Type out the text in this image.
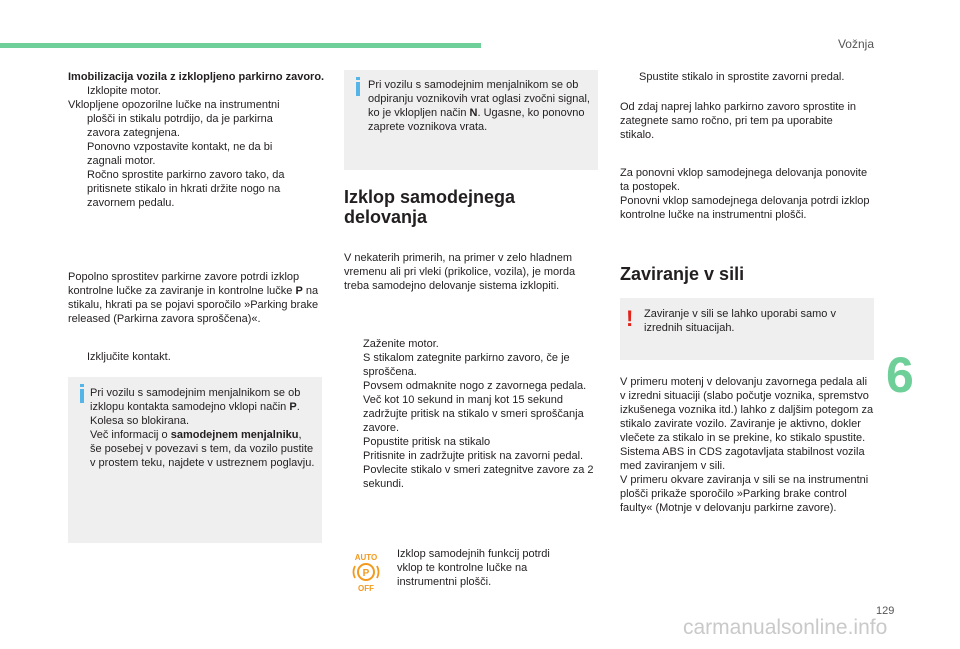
Vožnja

Imobilizacija vozila z izklopljeno parkirno zavoro.

Izklopite motor.

Vklopljene opozorilne lučke na instrumentni

plošči in stikalu potrdijo, da je parkirna

zavora zategnjena.

Ponovno vzpostavite kontakt, ne da bi

zagnali motor.

Ročno sprostite parkirno zavoro tako, da

pritisnete stikalo in hkrati držite nogo na

zavornem pedalu.

Popolno sprostitev parkirne zavore potrdi izklop kontrolne lučke za zaviranje in kontrolne lučke P na stikalu, hkrati pa se pojavi sporočilo »Parking brake released (Parkirna zavora sproščena)«.
Izključite kontakt.
Pri vozilu s samodejnim menjalnikom se ob izklopu kontakta samodejno vklopi način P. Kolesa so blokirana.
Več informacij o samodejnem menjalniku, še posebej v povezavi s tem, da vozilo pustite v prostem teku, najdete v ustreznem poglavju.
Pri vozilu s samodejnim menjalnikom se ob odpiranju voznikovih vrat oglasi zvočni signal, ko je vklopljen način N. Ugasne, ko ponovno zaprete voznikova vrata.
Izklop samodejnega delovanja
V nekaterih primerih, na primer v zelo hladnem vremenu ali pri vleki (prikolice, vozila), je morda treba samodejno delovanje sistema izklopiti.
Zaženite motor.
S stikalom zategnite parkirno zavoro, če je sproščena.
Povsem odmaknite nogo z zavornega pedala.
Več kot 10 sekund in manj kot 15 sekund zadržujte pritisk na stikalo v smeri sproščanja zavore.
Popustite pritisk na stikalo
Pritisnite in zadržujte pritisk na zavorni pedal.
Povlecite stikalo v smeri zategnitve zavore za 2 sekundi.
AUTO
P
OFF
Izklop samodejnih funkcij potrdi vklop te kontrolne lučke na instrumentni plošči.
Spustite stikalo in sprostite zavorni predal.
Od zdaj naprej lahko parkirno zavoro sprostite in zategnete samo ročno, pri tem pa uporabite stikalo.

Za ponovni vklop samodejnega delovanja ponovite ta postopek.

Ponovni vklop samodejnega delovanja potrdi izklop kontrolne lučke na instrumentni plošči.

Zaviranje v sili
! Zaviranje v sili se lahko uporabi samo v izrednih situacijah.

V primeru motenj v delovanju zavornega pedala ali v izredni situaciji (slabo počutje voznika, spremstvo izkušenega voznika itd.) lahko z daljšim potegom za stikalo zavirate vozilo. Zaviranje je aktivno, dokler vlečete za stikalo in se prekine, ko stikalo spustite.

Sistema ABS in CDS zagotavljata stabilnost vozila med zaviranjem v sili.

V primeru okvare zaviranja v sili se na instrumentni plošči prikaže sporočilo »Parking brake control faulty« (Motnje v delovanju parkirne zavore).

6
129
carmanualsonline.info
